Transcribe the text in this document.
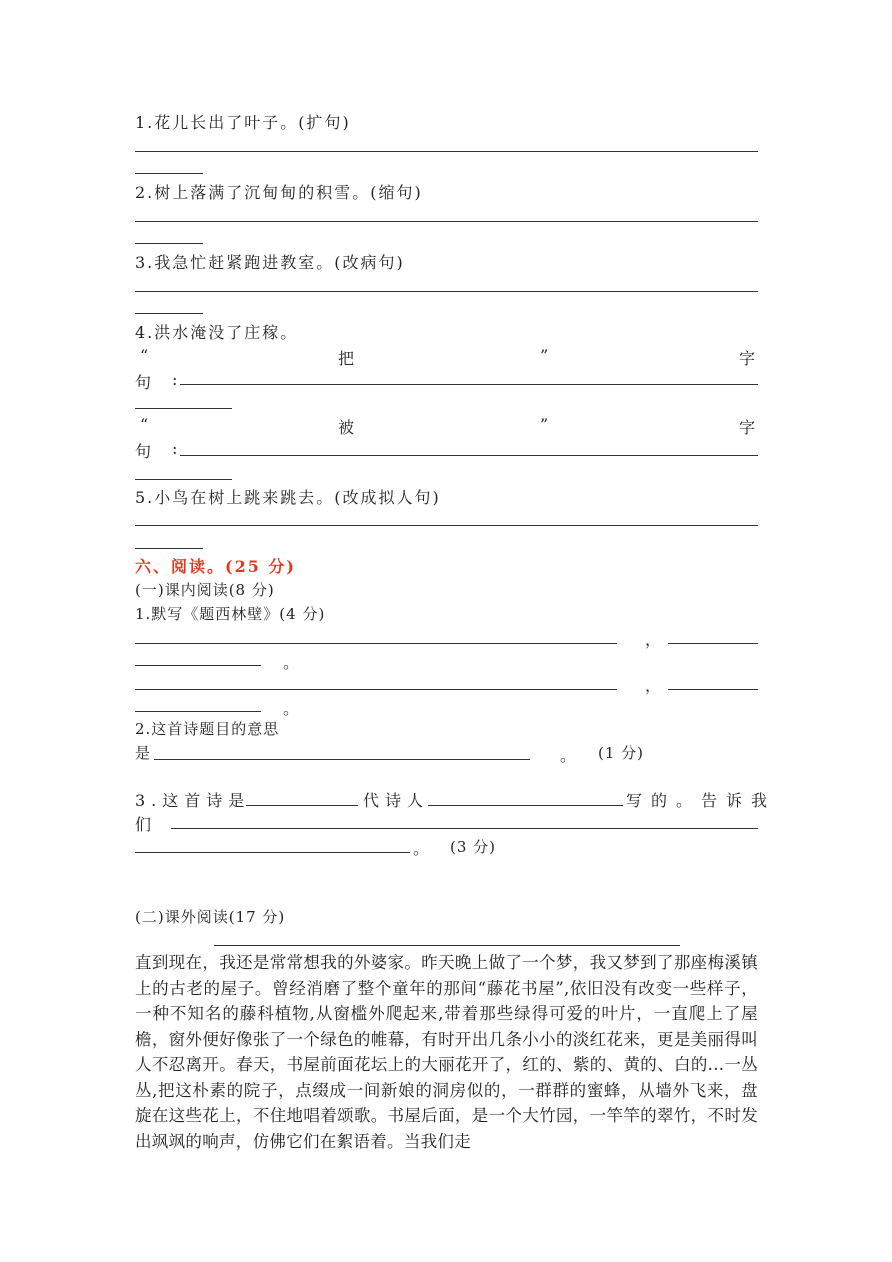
1.花儿长出了叶子。(扩句)
2.树上落满了沉甸甸的积雪。(缩句)
3.我急忙赶紧跑进教室。(改病句)
4.洪水淹没了庄稼。
“	把	”	字
句 :
“	被	”	字
句 :
5.小鸟在树上跳来跳去。(改成拟人句)
六、阅读。(25 分)
(一)课内阅读(8 分)
1.默写《题西林壁》(4 分)
，
。
，
。
2.这首诗题目的意思
是	。 (1 分)
3.这首诗是	代诗人	写的。告诉我
们
。 (3 分)
(二)课外阅读(17 分)
直到现在，我还是常常想我的外婆家。昨天晚上做了一个梦，我又梦到了那座梅溪镇上的古老的屋子。曾经消磨了整个童年的那间“藤花书屋”,依旧没有改变一些样子， 一种不知名的藤科植物,从窗槛外爬起来,带着那些绿得可爱的叶片，一直爬上了屋檐，窗外便好像张了一个绿色的帷幕，有时开出几条小小的淡红花来，更是美丽得叫人不忍离开。春天，书屋前面花坛上的大丽花开了，红的、紫的、黄的、白的...一丛丛,把这朴素的院子，点缀成一间新娘的洞房似的，一群群的蜜蜂，从墙外飞来，盘旋在这些花上，不住地唱着颂歌。书屋后面，是一个大竹园，一竿竿的翠竹，不时发出飒飒的响声，仿佛它们在絮语着。当我们走
